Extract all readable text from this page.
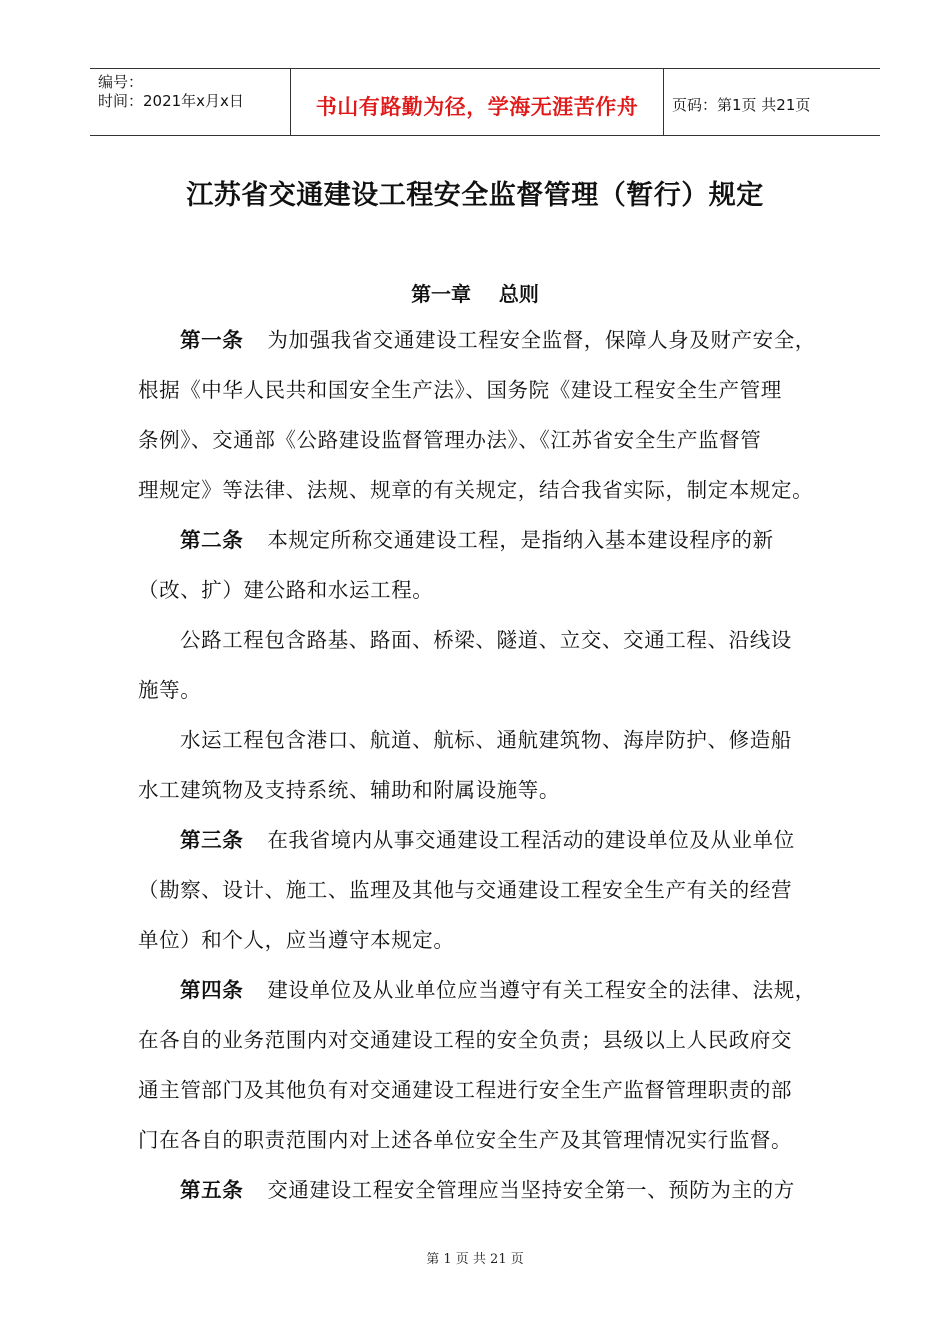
编号：
时间：2021年x月x日	书山有路勤为径，学海无涯苦作舟	页码：第1页 共21页
江苏省交通建设工程安全监督管理（暂行）规定
第一章    总则
第一条 为加强我省交通建设工程安全监督，保障人身及财产安全，
根据《中华人民共和国安全生产法》、国务院《建设工程安全生产管理
条例》、交通部《公路建设监督管理办法》、《江苏省安全生产监督管
理规定》等法律、法规、规章的有关规定，结合我省实际，制定本规定。
第二条 本规定所称交通建设工程，是指纳入基本建设程序的新
（改、扩）建公路和水运工程。
公路工程包含路基、路面、桥梁、隧道、立交、交通工程、沿线设
施等。
水运工程包含港口、航道、航标、通航建筑物、海岸防护、修造船
水工建筑物及支持系统、辅助和附属设施等。
第三条 在我省境内从事交通建设工程活动的建设单位及从业单位
（勘察、设计、施工、监理及其他与交通建设工程安全生产有关的经营
单位）和个人，应当遵守本规定。
第四条 建设单位及从业单位应当遵守有关工程安全的法律、法规，
在各自的业务范围内对交通建设工程的安全负责；县级以上人民政府交
通主管部门及其他负有对交通建设工程进行安全生产监督管理职责的部
门在各自的职责范围内对上述各单位安全生产及其管理情况实行监督。
第五条 交通建设工程安全管理应当坚持安全第一、预防为主的方
第 1 页 共 21 页
